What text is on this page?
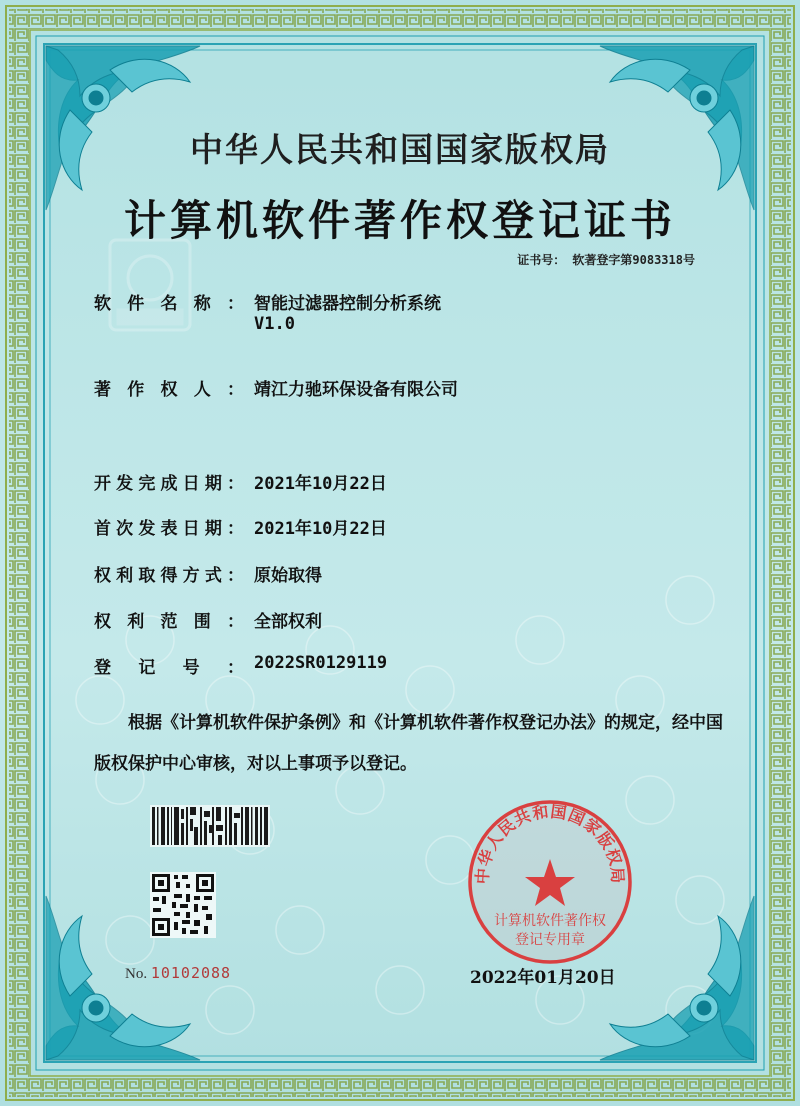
中华人民共和国国家版权局
计算机软件著作权登记证书
证书号： 软著登字第9083318号
软件名称： 智能过滤器控制分析系统
V1.0
著作权人： 靖江力驰环保设备有限公司
开发完成日期： 2021年10月22日
首次发表日期： 2021年10月22日
权利取得方式： 原始取得
权利范围： 全部权利
登记号： 2022SR0129119

根据《计算机软件保护条例》和《计算机软件著作权登记办法》的规定，经中国版权保护中心审核，对以上事项予以登记。

No. 10102088
中华人民共和国国家版权局
计算机软件著作权
登记专用章
2022年01月20日
